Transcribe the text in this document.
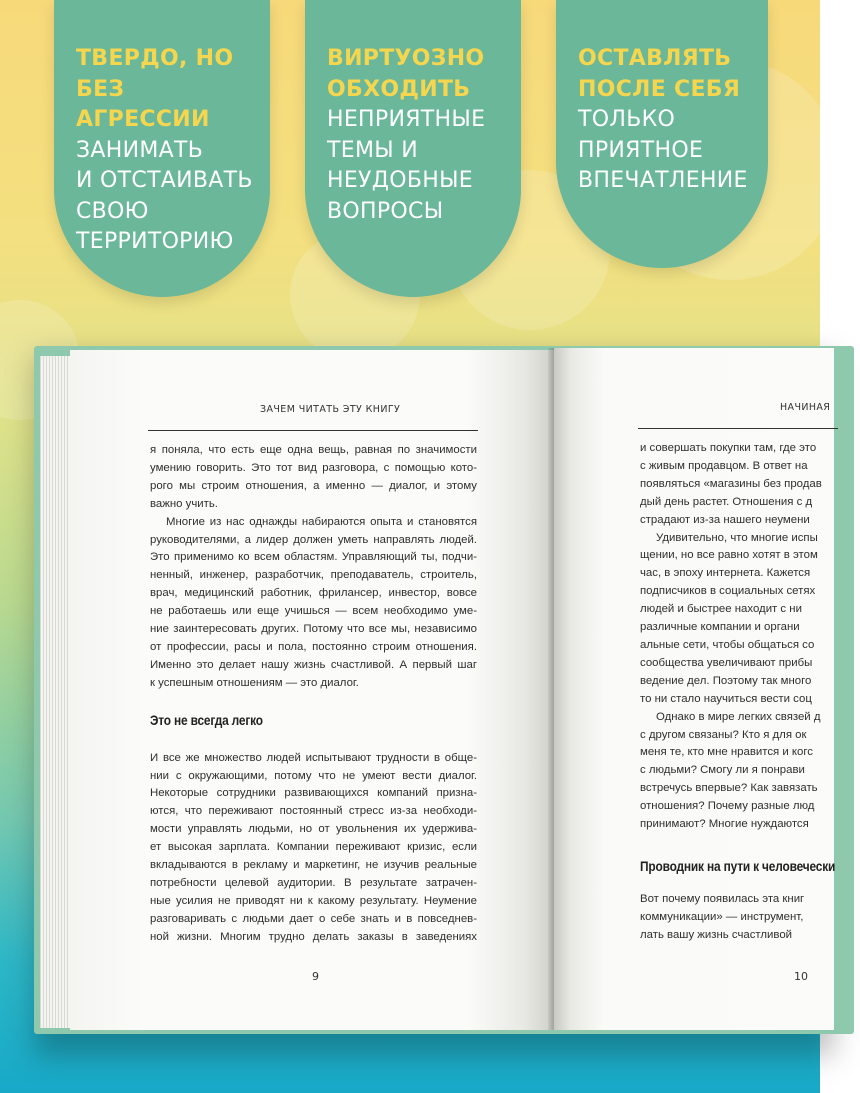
ТВЕРДО, НО
БЕЗ АГРЕССИИ
ЗАНИМАТЬ
И ОТСТАИВАТЬ
СВОЮ
ТЕРРИТОРИЮ
ВИРТУОЗНО
ОБХОДИТЬ
НЕПРИЯТНЫЕ
ТЕМЫ И
НЕУДОБНЫЕ
ВОПРОСЫ
ОСТАВЛЯТЬ
ПОСЛЕ СЕБЯ
ТОЛЬКО
ПРИЯТНОЕ
ВПЕЧАТЛЕНИЕ
ЗАЧЕМ ЧИТАТЬ ЭТУ КНИГУ
я поняла, что есть еще одна вещь, равная по значимости
умению говорить. Это тот вид разговора, с помощью кото-
рого мы строим отношения, а именно — диалог, и этому
важно учить.
Многие из нас однажды набираются опыта и становятся
руководителями, а лидер должен уметь направлять людей.
Это применимо ко всем областям. Управляющий ты, подчи-
ненный, инженер, разработчик, преподаватель, строитель,
врач, медицинский работник, фрилансер, инвестор, вовсе
не работаешь или еще учишься — всем необходимо уме-
ние заинтересовать других. Потому что все мы, независимо
от профессии, расы и пола, постоянно строим отношения.
Именно это делает нашу жизнь счастливой. А первый шаг
к успешным отношениям — это диалог.
Это не всегда легко
И все же множество людей испытывают трудности в обще-
нии с окружающими, потому что не умеют вести диалог.
Некоторые сотрудники развивающихся компаний призна-
ются, что переживают постоянный стресс из-за необходи-
мости управлять людьми, но от увольнения их удержива-
ет высокая зарплата. Компании переживают кризис, если
вкладываются в рекламу и маркетинг, не изучив реальные
потребности целевой аудитории. В результате затрачен-
ные усилия не приводят ни к какому результату. Неумение
разговаривать с людьми дает о себе знать и в повседнев-
ной жизни. Многим трудно делать заказы в заведениях
9
НАЧИНАЯ
и совершать покупки там, где это
с живым продавцом. В ответ на
появляться «магазины без продав
дый день растет. Отношения с д
страдают из-за нашего неумени
Удивительно, что многие испы
щении, но все равно хотят в этом
час, в эпоху интернета. Кажется
подписчиков в социальных сетях
людей и быстрее находит с ни
различные компании и органи
альные сети, чтобы общаться со
сообщества увеличивают прибы
ведение дел. Поэтому так много
то ни стало научиться вести соц
Однако в мире легких связей д
с другом связаны? Кто я для ок
меня те, кто мне нравится и когс
с людьми? Смогу ли я понрави
встречусь впервые? Как завязать
отношения? Почему разные люд
принимают? Многие нуждаются
Проводник на пути к человечески
Вот почему появилась эта книг
коммуникации» — инструмент,
лать вашу жизнь счастливой
10
